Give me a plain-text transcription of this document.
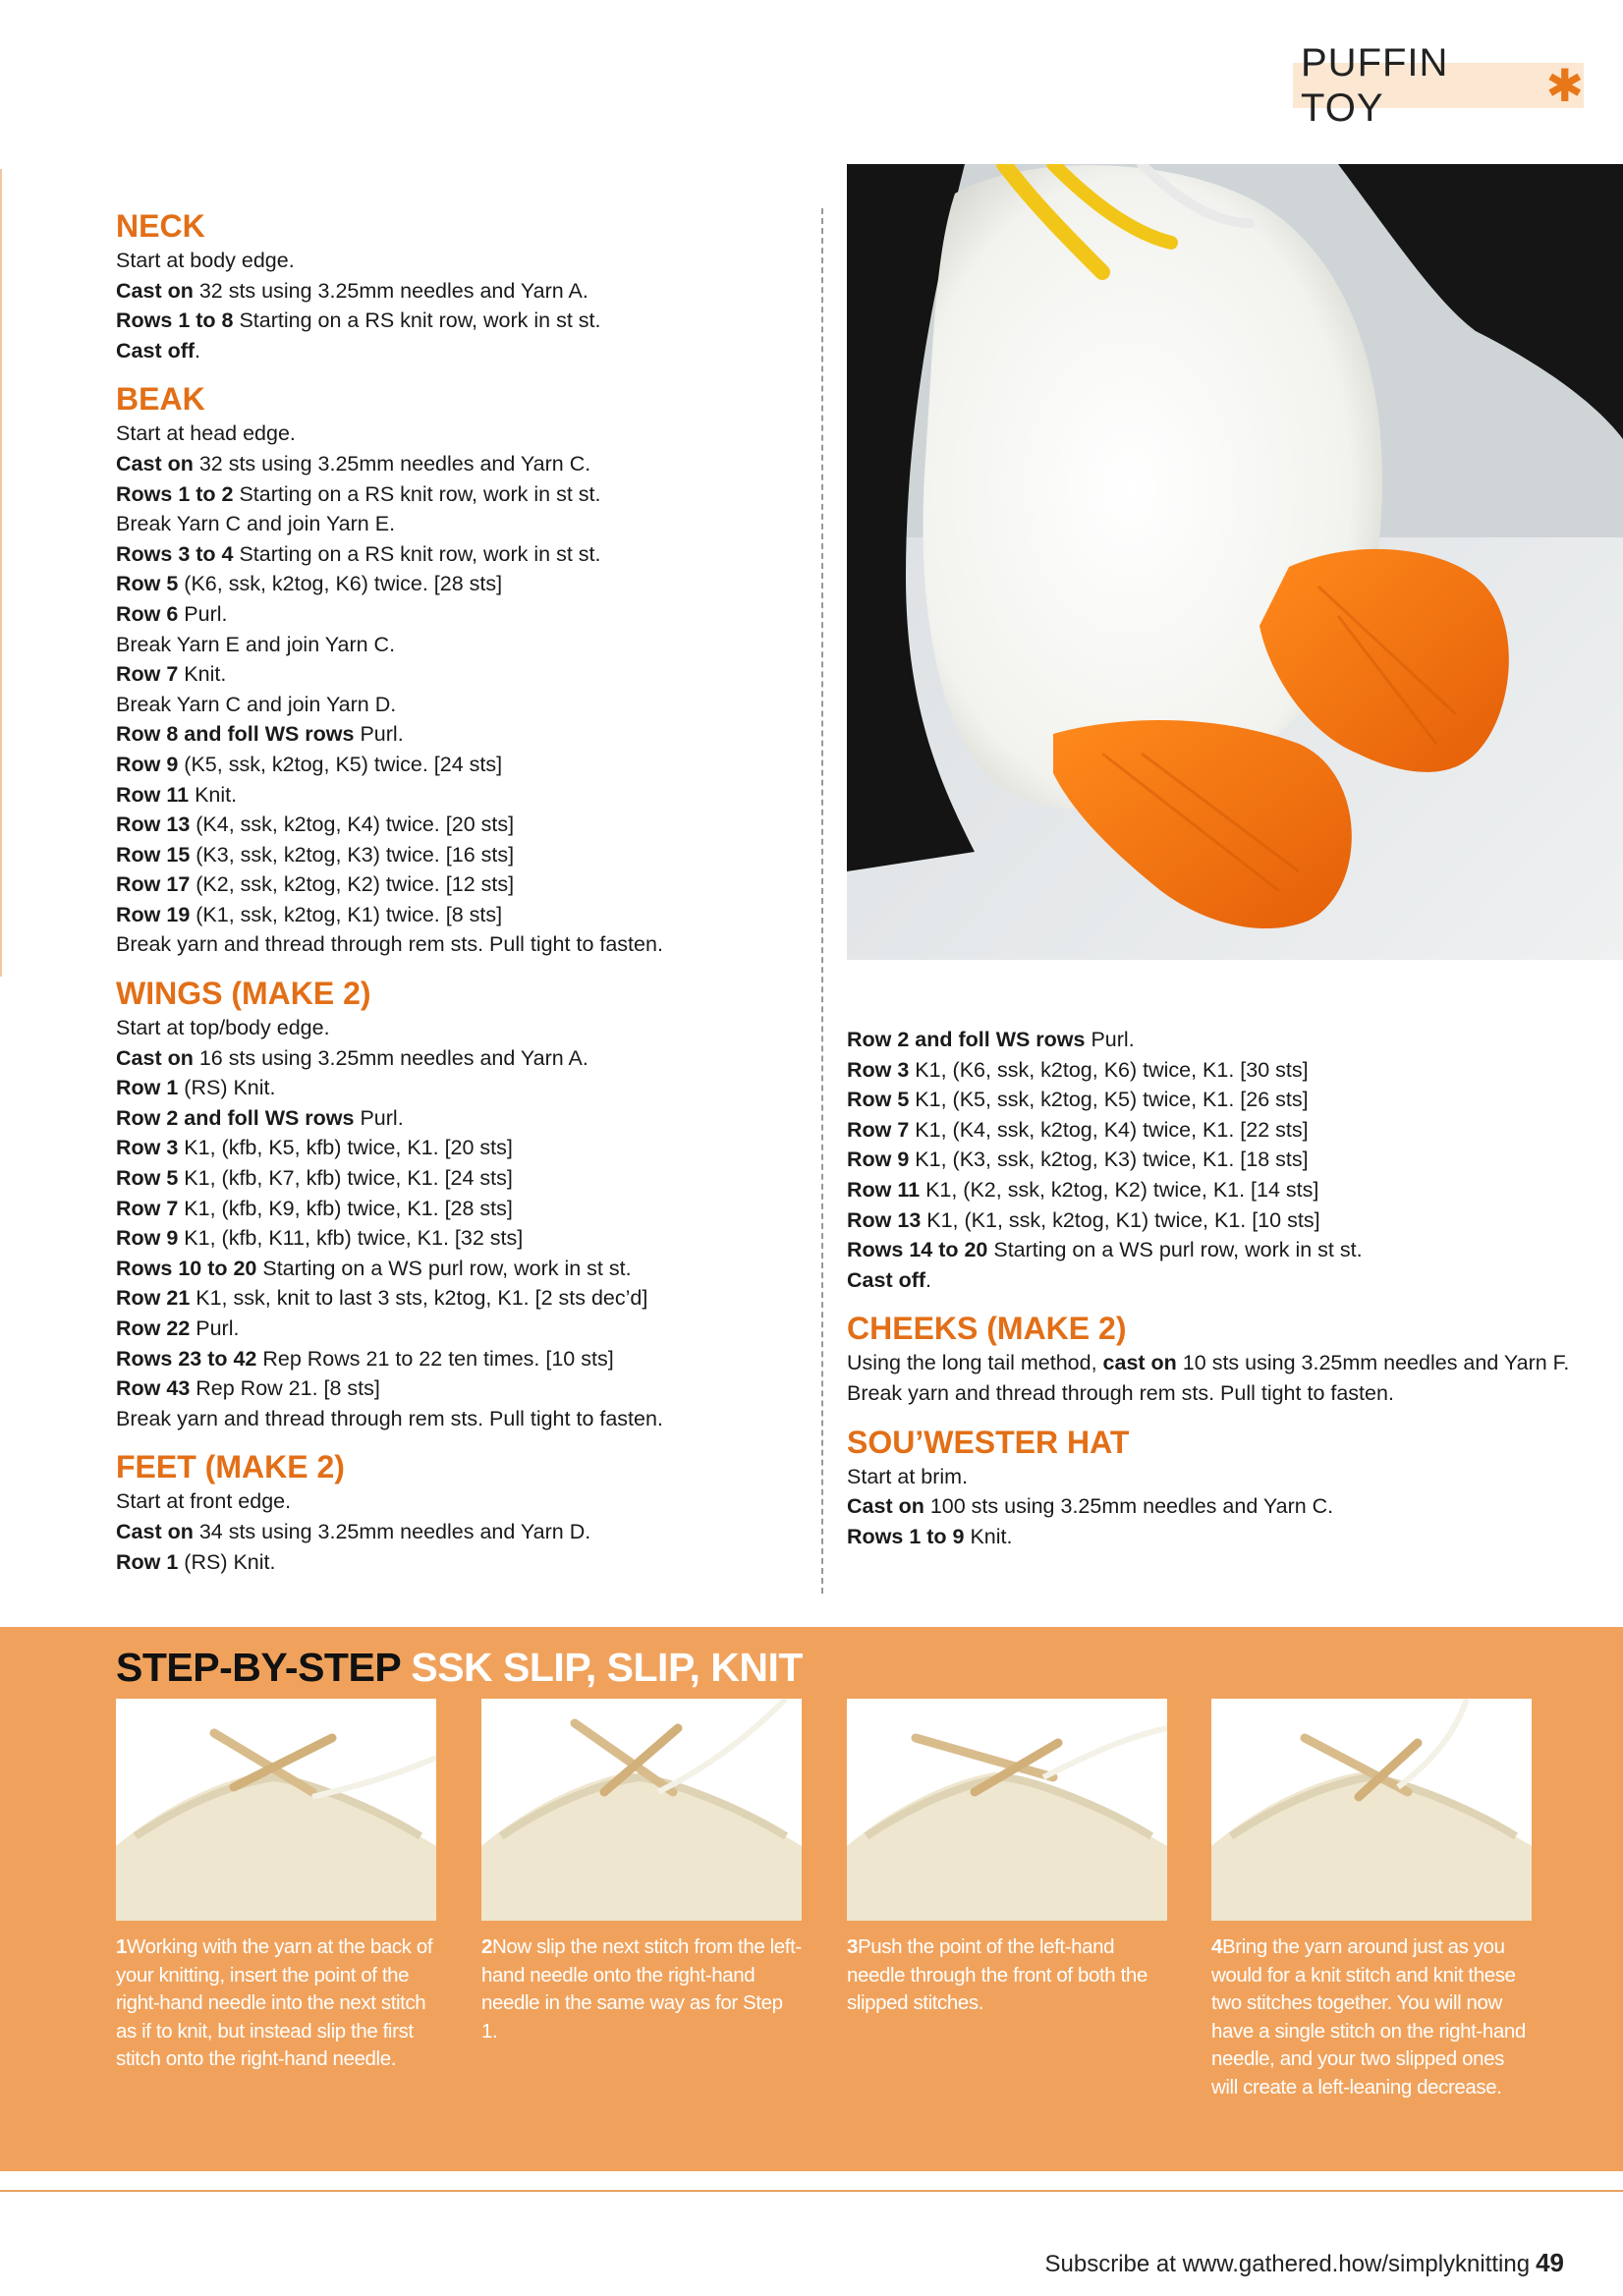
PUFFIN TOY	✱
NECK

Start at body edge.

Cast on 32 sts using 3.25mm needles and Yarn A.

Rows 1 to 8 Starting on a RS knit row, work in st st.

Cast off.

BEAK

Start at head edge.

Cast on 32 sts using 3.25mm needles and Yarn C.

Rows 1 to 2 Starting on a RS knit row, work in st st.

Break Yarn C and join Yarn E.

Rows 3 to 4 Starting on a RS knit row, work in st st.

Row 5 (K6, ssk, k2tog, K6) twice. [28 sts]

Row 6 Purl.

Break Yarn E and join Yarn C.

Row 7 Knit.

Break Yarn C and join Yarn D.

Row 8 and foll WS rows Purl.

Row 9 (K5, ssk, k2tog, K5) twice. [24 sts]

Row 11 Knit.

Row 13 (K4, ssk, k2tog, K4) twice. [20 sts]

Row 15 (K3, ssk, k2tog, K3) twice. [16 sts]

Row 17 (K2, ssk, k2tog, K2) twice. [12 sts]

Row 19 (K1, ssk, k2tog, K1) twice. [8 sts]

Break yarn and thread through rem sts. Pull tight to fasten.

WINGS (MAKE 2)

Start at top/body edge.

Cast on 16 sts using 3.25mm needles and Yarn A.

Row 1 (RS) Knit.

Row 2 and foll WS rows Purl.

Row 3 K1, (kfb, K5, kfb) twice, K1. [20 sts]

Row 5 K1, (kfb, K7, kfb) twice, K1. [24 sts]

Row 7 K1, (kfb, K9, kfb) twice, K1. [28 sts]

Row 9 K1, (kfb, K11, kfb) twice, K1. [32 sts]

Rows 10 to 20 Starting on a WS purl row, work in st st.

Row 21 K1, ssk, knit to last 3 sts, k2tog, K1. [2 sts dec’d]

Row 22 Purl.

Rows 23 to 42 Rep Rows 21 to 22 ten times. [10 sts]

Row 43 Rep Row 21. [8 sts]

Break yarn and thread through rem sts. Pull tight to fasten.

FEET (MAKE 2)

Start at front edge.

Cast on 34 sts using 3.25mm needles and Yarn D.

Row 1 (RS) Knit.

Row 2 and foll WS rows Purl.

Row 3 K1, (K6, ssk, k2tog, K6) twice, K1. [30 sts]

Row 5 K1, (K5, ssk, k2tog, K5) twice, K1. [26 sts]

Row 7 K1, (K4, ssk, k2tog, K4) twice, K1. [22 sts]

Row 9 K1, (K3, ssk, k2tog, K3) twice, K1. [18 sts]

Row 11 K1, (K2, ssk, k2tog, K2) twice, K1. [14 sts]

Row 13 K1, (K1, ssk, k2tog, K1) twice, K1. [10 sts]

Rows 14 to 20 Starting on a WS purl row, work in st st.

Cast off.

CHEEKS (MAKE 2)

Using the long tail method, cast on 10 sts using 3.25mm needles and Yarn F.

Break yarn and thread through rem sts. Pull tight to fasten.

SOU’WESTER HAT

Start at brim.

Cast on 100 sts using 3.25mm needles and Yarn C.

Rows 1 to 9 Knit.

STEP-BY-STEP SSK SLIP, SLIP, KNIT
1Working with the yarn at the back of your knitting, insert the point of the right-hand needle into the next stitch as if to knit, but instead slip the first stitch onto the right-hand needle.
2Now slip the next stitch from the left-hand needle onto the right-hand needle in the same way as for Step 1.
3Push the point of the left-hand needle through the front of both the slipped stitches.
4Bring the yarn around just as you would for a knit stitch and knit these two stitches together. You will now have a single stitch on the right-hand needle, and your two slipped ones will create a left-leaning decrease.
Subscribe at www.gathered.how/simplyknitting 49
